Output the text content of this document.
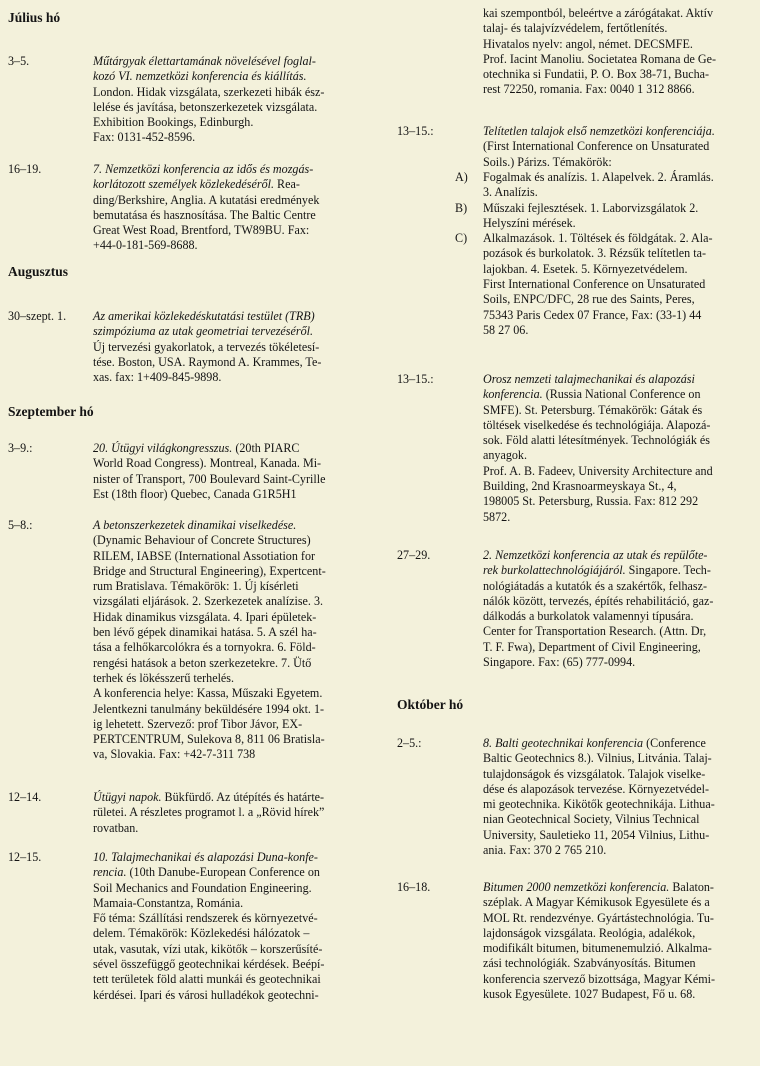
Július hó
3–5.	Műtárgyak élettartamának növelésével foglal-
kozó VI. nemzetközi konferencia és kiállítás.
London. Hidak vizsgálata, szerkezeti hibák ész-
lelése és javítása, betonszerkezetek vizsgálata.
Exhibition Bookings, Edinburgh.
Fax: 0131-452-8596.
16–19.	7. Nemzetközi konferencia az idős és mozgás-
korlátozott személyek közlekedéséről. Rea-
ding/Berkshire, Anglia. A kutatási eredmények
bemutatása és hasznosítása. The Baltic Centre
Great West Road, Brentford, TW89BU. Fax:
+44-0-181-569-8688.
Augusztus
30–szept. 1. Az amerikai közlekedéskutatási testület (TRB)
szimpóziuma az utak geometriai tervezéséről.
Új tervezési gyakorlatok, a tervezés tökéletesí-
tése. Boston, USA. Raymond A. Krammes, Te-
xas. fax: 1+409-845-9898.
Szeptember hó
3–9.:	20. Útügyi világkongresszus. (20th PIARC
World Road Congress). Montreal, Kanada. Mi-
nister of Transport, 700 Boulevard Saint-Cyrille
Est (18th floor) Quebec, Canada G1R5H1
5–8.:	A betonszerkezetek dinamikai viselkedése.
(Dynamic Behaviour of Concrete Structures)
RILEM, IABSE (International Assotiation for
Bridge and Structural Engineering), Expertcent-
rum Bratislava. Témakörök: 1. Új kísérleti
vizsgálati eljárások. 2. Szerkezetek analízise. 3.
Hidak dinamikus vizsgálata. 4. Ipari épületek-
ben lévő gépek dinamikai hatása. 5. A szél ha-
tása a felhőkarcolókra és a tornyokra. 6. Föld-
rengési hatások a beton szerkezetekre. 7. Ütő
terhek és lökésszerű terhelés.
A konferencia helye: Kassa, Műszaki Egyetem.
Jelentkezni tanulmány beküldésére 1994 okt. 1-
ig lehetett. Szervező: prof Tibor Jávor, EX-
PERTCENTRUM, Sulekova 8, 811 06 Bratisla-
va, Slovakia. Fax: +42-7-311 738
12–14.	Útügyi napok. Bükfürdő. Az útépítés és határte-
rületei. A részletes programot l. a „Rövid hírek”
rovatban.
12–15.	10. Talajmechanikai és alapozási Duna-konfe-
rencia. (10th Danube-European Conference on
Soil Mechanics and Foundation Engineering.
Mamaia-Constantza, Románia.
Fő téma: Szállítási rendszerek és környezetvé-
delem. Témakörök: Közlekedési hálózatok –
utak, vasutak, vízi utak, kikötők – korszerűsíté-
sével összefüggő geotechnikai kérdések. Beépí-
tett területek föld alatti munkái és geotechnikai
kérdései. Ipari és városi hulladékok geotechni-
kai szempontból, beleértve a zárógátakat. Aktív
talaj- és talajvízvédelem, fertőtlenítés.
Hivatalos nyelv: angol, német. DECSMFE.
Prof. Iacint Manoliu. Societatea Romana de Ge-
otechnika si Fundatii, P. O. Box 38-71, Bucha-
rest 72250, romania. Fax: 0040 1 312 8866.
13–15.:	Telítetlen talajok első nemzetközi konferenciája.
(First International Conference on Unsaturated
Soils.) Párizs. Témakörök:
A) Fogalmak és analízis. 1. Alapelvek. 2. Áramlás.
3. Analízis.
B) Műszaki fejlesztések. 1. Laborvizsgálatok 2.
Helyszíni mérések.
C) Alkalmazások. 1. Töltések és földgátak. 2. Ala-
pozások és burkolatok. 3. Rézsűk telítetlen ta-
lajokban. 4. Esetek. 5. Környezetvédelem.
First International Conference on Unsaturated
Soils, ENPC/DFC, 28 rue des Saints, Peres,
75343 Paris Cedex 07 France, Fax: (33-1) 44
58 27 06.
13–15.:	Orosz nemzeti talajmechanikai és alapozási
konferencia. (Russia National Conference on
SMFE). St. Petersburg. Témakörök: Gátak és
töltések viselkedése és technológiája. Alapozá-
sok. Föld alatti létesítmények. Technológiák és
anyagok.
Prof. A. B. Fadeev, University Architecture and
Building, 2nd Krasnoarmeyskaya St., 4,
198005 St. Petersburg, Russia. Fax: 812 292
5872.
27–29.	2. Nemzetközi konferencia az utak és repülőte-
rek burkolattechnológiájáról. Singapore. Tech-
nológiátadás a kutatók és a szakértők, felhasz-
nálók között, tervezés, építés rehabilitáció, gaz-
dálkodás a burkolatok valamennyi típusára.
Center for Transportation Research. (Attn. Dr,
T. F. Fwa), Department of Civil Engineering,
Singapore. Fax: (65) 777-0994.
Október hó
2–5.:	8. Balti geotechnikai konferencia (Conference
Baltic Geotechnics 8.). Vilnius, Litvánia. Talaj-
tulajdonságok és vizsgálatok. Talajok viselke-
dése és alapozások tervezése. Környezetvédel-
mi geotechnika. Kikötők geotechnikája. Lithua-
nian Geotechnical Society, Vilnius Technical
University, Sauletieko 11, 2054 Vilnius, Lithu-
ania. Fax: 370 2 765 210.
16–18.	Bitumen 2000 nemzetközi konferencia. Balaton-
széplak. A Magyar Kémikusok Egyesülete és a
MOL Rt. rendezvénye. Gyártástechnológia. Tu-
lajdonságok vizsgálata. Reológia, adalékok,
modifikált bitumen, bitumenemulzió. Alkalma-
zási technológiák. Szabványosítás. Bitumen
konferencia szervező bizottsága, Magyar Kémi-
kusok Egyesülete. 1027 Budapest, Fő u. 68.
